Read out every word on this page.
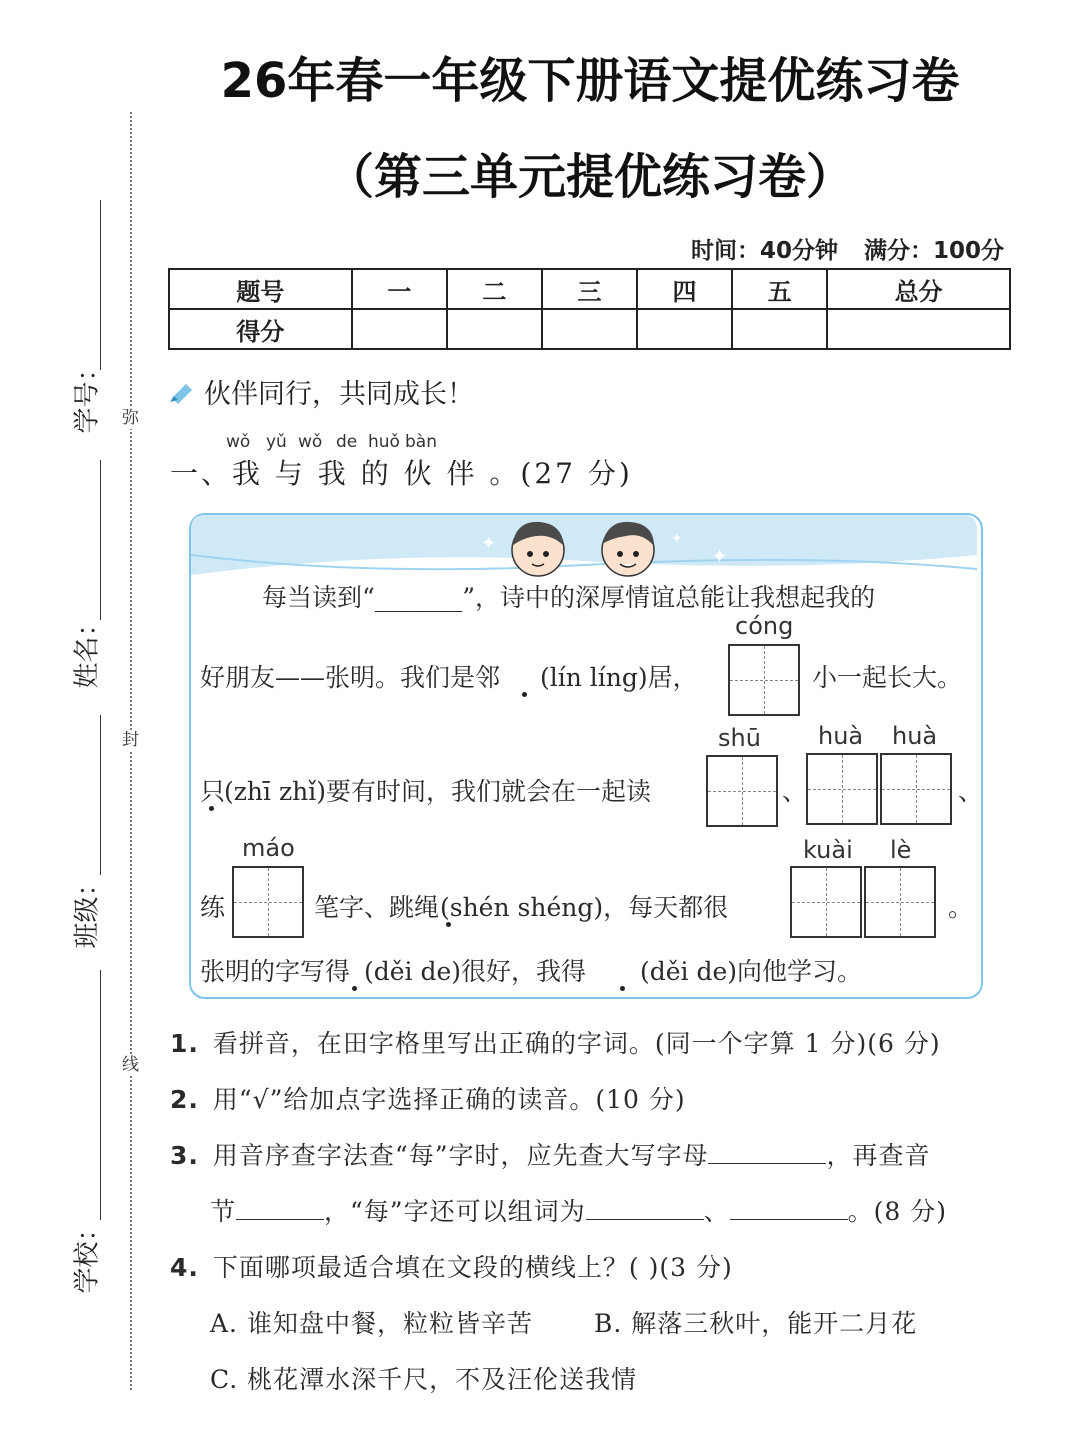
弥
封
线
学号：
姓名：
班级：
学校：
26年春一年级下册语文提优练习卷
（第三单元提优练习卷）
时间：40分钟 满分：100分
题号	一	二	三	四	五	总分
得分						
伙伴同行，共同成长！
wǒ yǔ wǒ de huǒ bàn
一、我 与 我 的 伙 伴 。(27 分)
✦	✦
✦
每当读到“_______”，诗中的深厚情谊总能让我想起我的
cóng
好朋友——张明。我们是邻 (lín líng)居，	小一起长大。
shū huà huà
只
(zhī zhǐ)要有时间，我们就会在一起读	、	、
máo	kuài lè
练	笔字、跳绳 (shén shéng)，每天都很	。
张明的字写得 (děi de)很好，我得 (děi de)向他学习。
1. 看拼音，在田字格里写出正确的字词。(同一个字算 1 分)(6 分)
2. 用“√”给加点字选择正确的读音。(10 分)
3. 用音序查字法查“每”字时，应先查大写字母	，再查音
节	，“每”字还可以组词为	、	。(8 分)
4. 下面哪项最适合填在文段的横线上？( )(3 分)
A. 谁知盘中餐，粒粒皆辛苦 B. 解落三秋叶，能开二月花
C. 桃花潭水深千尺，不及汪伦送我情
